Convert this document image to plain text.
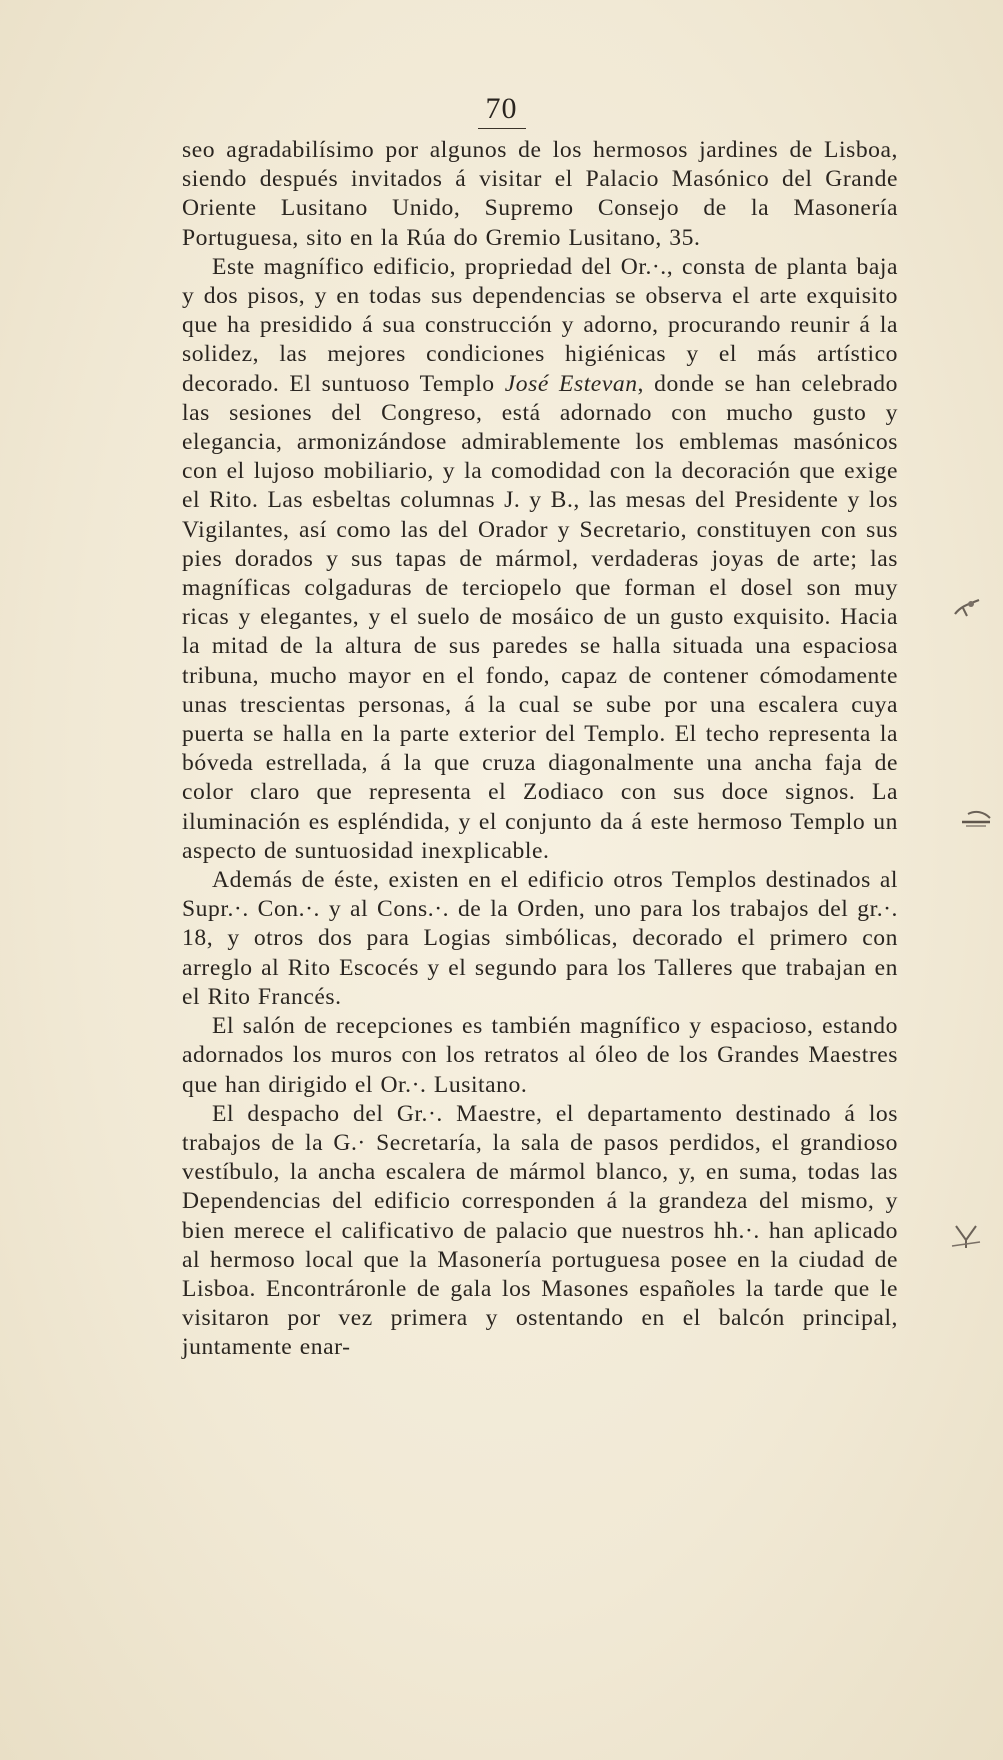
70

seo agradabilísimo por algunos de los hermosos jardines de Lisboa, siendo después invitados á visitar el Palacio Masónico del Grande Oriente Lusitano Unido, Supremo Consejo de la Masonería Portuguesa, sito en la Rúa do Gremio Lusitano, 35.

Este magnífico edificio, propriedad del Or.·., consta de planta baja y dos pisos, y en todas sus dependencias se observa el arte exquisito que ha presidido á sua construcción y adorno, procurando reunir á la solidez, las mejores condiciones higiénicas y el más artístico decorado. El suntuoso Templo José Estevan, donde se han celebrado las sesiones del Congreso, está adornado con mucho gusto y elegancia, armonizándose admirablemente los emblemas masónicos con el lujoso mobiliario, y la comodidad con la decoración que exige el Rito. Las esbeltas columnas J. y B., las mesas del Presidente y los Vigilantes, así como las del Orador y Secretario, constituyen con sus pies dorados y sus tapas de mármol, verdaderas joyas de arte; las magníficas colgaduras de terciopelo que forman el dosel son muy ricas y elegantes, y el suelo de mosáico de un gusto exquisito. Hacia la mitad de la altura de sus paredes se halla situada una espaciosa tribuna, mucho mayor en el fondo, capaz de contener cómodamente unas trescientas personas, á la cual se sube por una escalera cuya puerta se halla en la parte exterior del Templo. El techo representa la bóveda estrellada, á la que cruza diagonalmente una ancha faja de color claro que representa el Zodiaco con sus doce signos. La iluminación es espléndida, y el conjunto da á este hermoso Templo un aspecto de suntuosidad inexplicable.

Además de éste, existen en el edificio otros Templos destinados al Supr.·. Con.·. y al Cons.·. de la Orden, uno para los trabajos del gr.·. 18, y otros dos para Logias simbólicas, decorado el primero con arreglo al Rito Escocés y el segundo para los Talleres que trabajan en el Rito Francés.

El salón de recepciones es también magnífico y espacioso, estando adornados los muros con los retratos al óleo de los Grandes Maestres que han dirigido el Or.·. Lusitano.

El despacho del Gr.·. Maestre, el departamento destinado á los trabajos de la G.· Secretaría, la sala de pasos perdidos, el grandioso vestíbulo, la ancha escalera de mármol blanco, y, en suma, todas las Dependencias del edificio corresponden á la grandeza del mismo, y bien merece el calificativo de palacio que nuestros hh.·. han aplicado al hermoso local que la Masonería portuguesa posee en la ciudad de Lisboa. Encontráronle de gala los Masones españoles la tarde que le visitaron por vez primera y ostentando en el balcón principal, juntamente enar-
